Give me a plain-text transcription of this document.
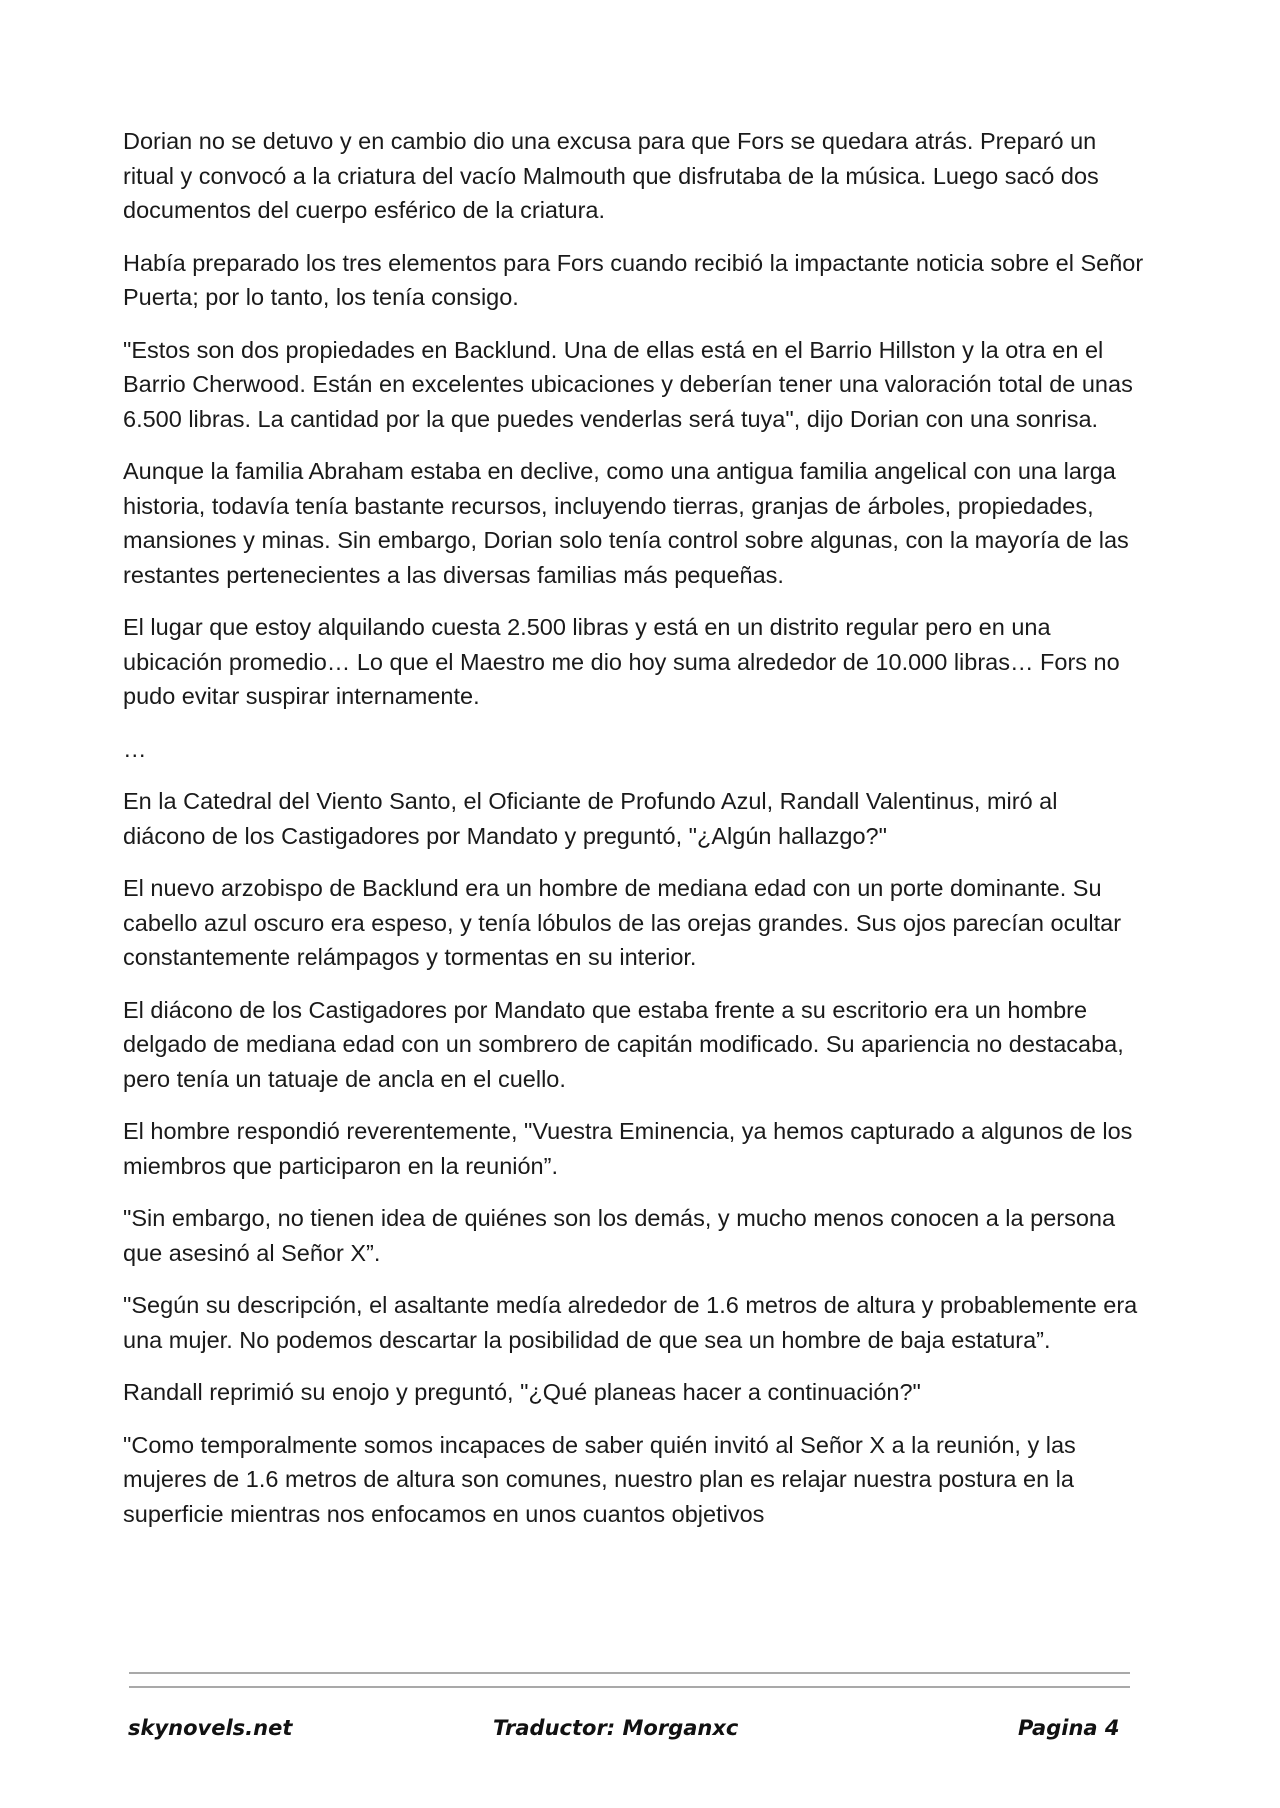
Dorian no se detuvo y en cambio dio una excusa para que Fors se quedara atrás. Preparó un ritual y convocó a la criatura del vacío Malmouth que disfrutaba de la música. Luego sacó dos documentos del cuerpo esférico de la criatura.

Había preparado los tres elementos para Fors cuando recibió la impactante noticia sobre el Señor Puerta; por lo tanto, los tenía consigo.

"Estos son dos propiedades en Backlund. Una de ellas está en el Barrio Hillston y la otra en el Barrio Cherwood. Están en excelentes ubicaciones y deberían tener una valoración total de unas 6.500 libras. La cantidad por la que puedes venderlas será tuya", dijo Dorian con una sonrisa.

Aunque la familia Abraham estaba en declive, como una antigua familia angelical con una larga historia, todavía tenía bastante recursos, incluyendo tierras, granjas de árboles, propiedades, mansiones y minas. Sin embargo, Dorian solo tenía control sobre algunas, con la mayoría de las restantes pertenecientes a las diversas familias más pequeñas.

El lugar que estoy alquilando cuesta 2.500 libras y está en un distrito regular pero en una ubicación promedio… Lo que el Maestro me dio hoy suma alrededor de 10.000 libras… Fors no pudo evitar suspirar internamente.

…

En la Catedral del Viento Santo, el Oficiante de Profundo Azul, Randall Valentinus, miró al diácono de los Castigadores por Mandato y preguntó, "¿Algún hallazgo?"

El nuevo arzobispo de Backlund era un hombre de mediana edad con un porte dominante. Su cabello azul oscuro era espeso, y tenía lóbulos de las orejas grandes. Sus ojos parecían ocultar constantemente relámpagos y tormentas en su interior.

El diácono de los Castigadores por Mandato que estaba frente a su escritorio era un hombre delgado de mediana edad con un sombrero de capitán modificado. Su apariencia no destacaba, pero tenía un tatuaje de ancla en el cuello.

El hombre respondió reverentemente, "Vuestra Eminencia, ya hemos capturado a algunos de los miembros que participaron en la reunión”.

"Sin embargo, no tienen idea de quiénes son los demás, y mucho menos conocen a la persona que asesinó al Señor X”.

"Según su descripción, el asaltante medía alrededor de 1.6 metros de altura y probablemente era una mujer. No podemos descartar la posibilidad de que sea un hombre de baja estatura”.

Randall reprimió su enojo y preguntó, "¿Qué planeas hacer a continuación?"

"Como temporalmente somos incapaces de saber quién invitó al Señor X a la reunión, y las mujeres de 1.6 metros de altura son comunes, nuestro plan es relajar nuestra postura en la superficie mientras nos enfocamos en unos cuantos objetivos

skynovels.net	Traductor: Morganxc	Pagina 4
